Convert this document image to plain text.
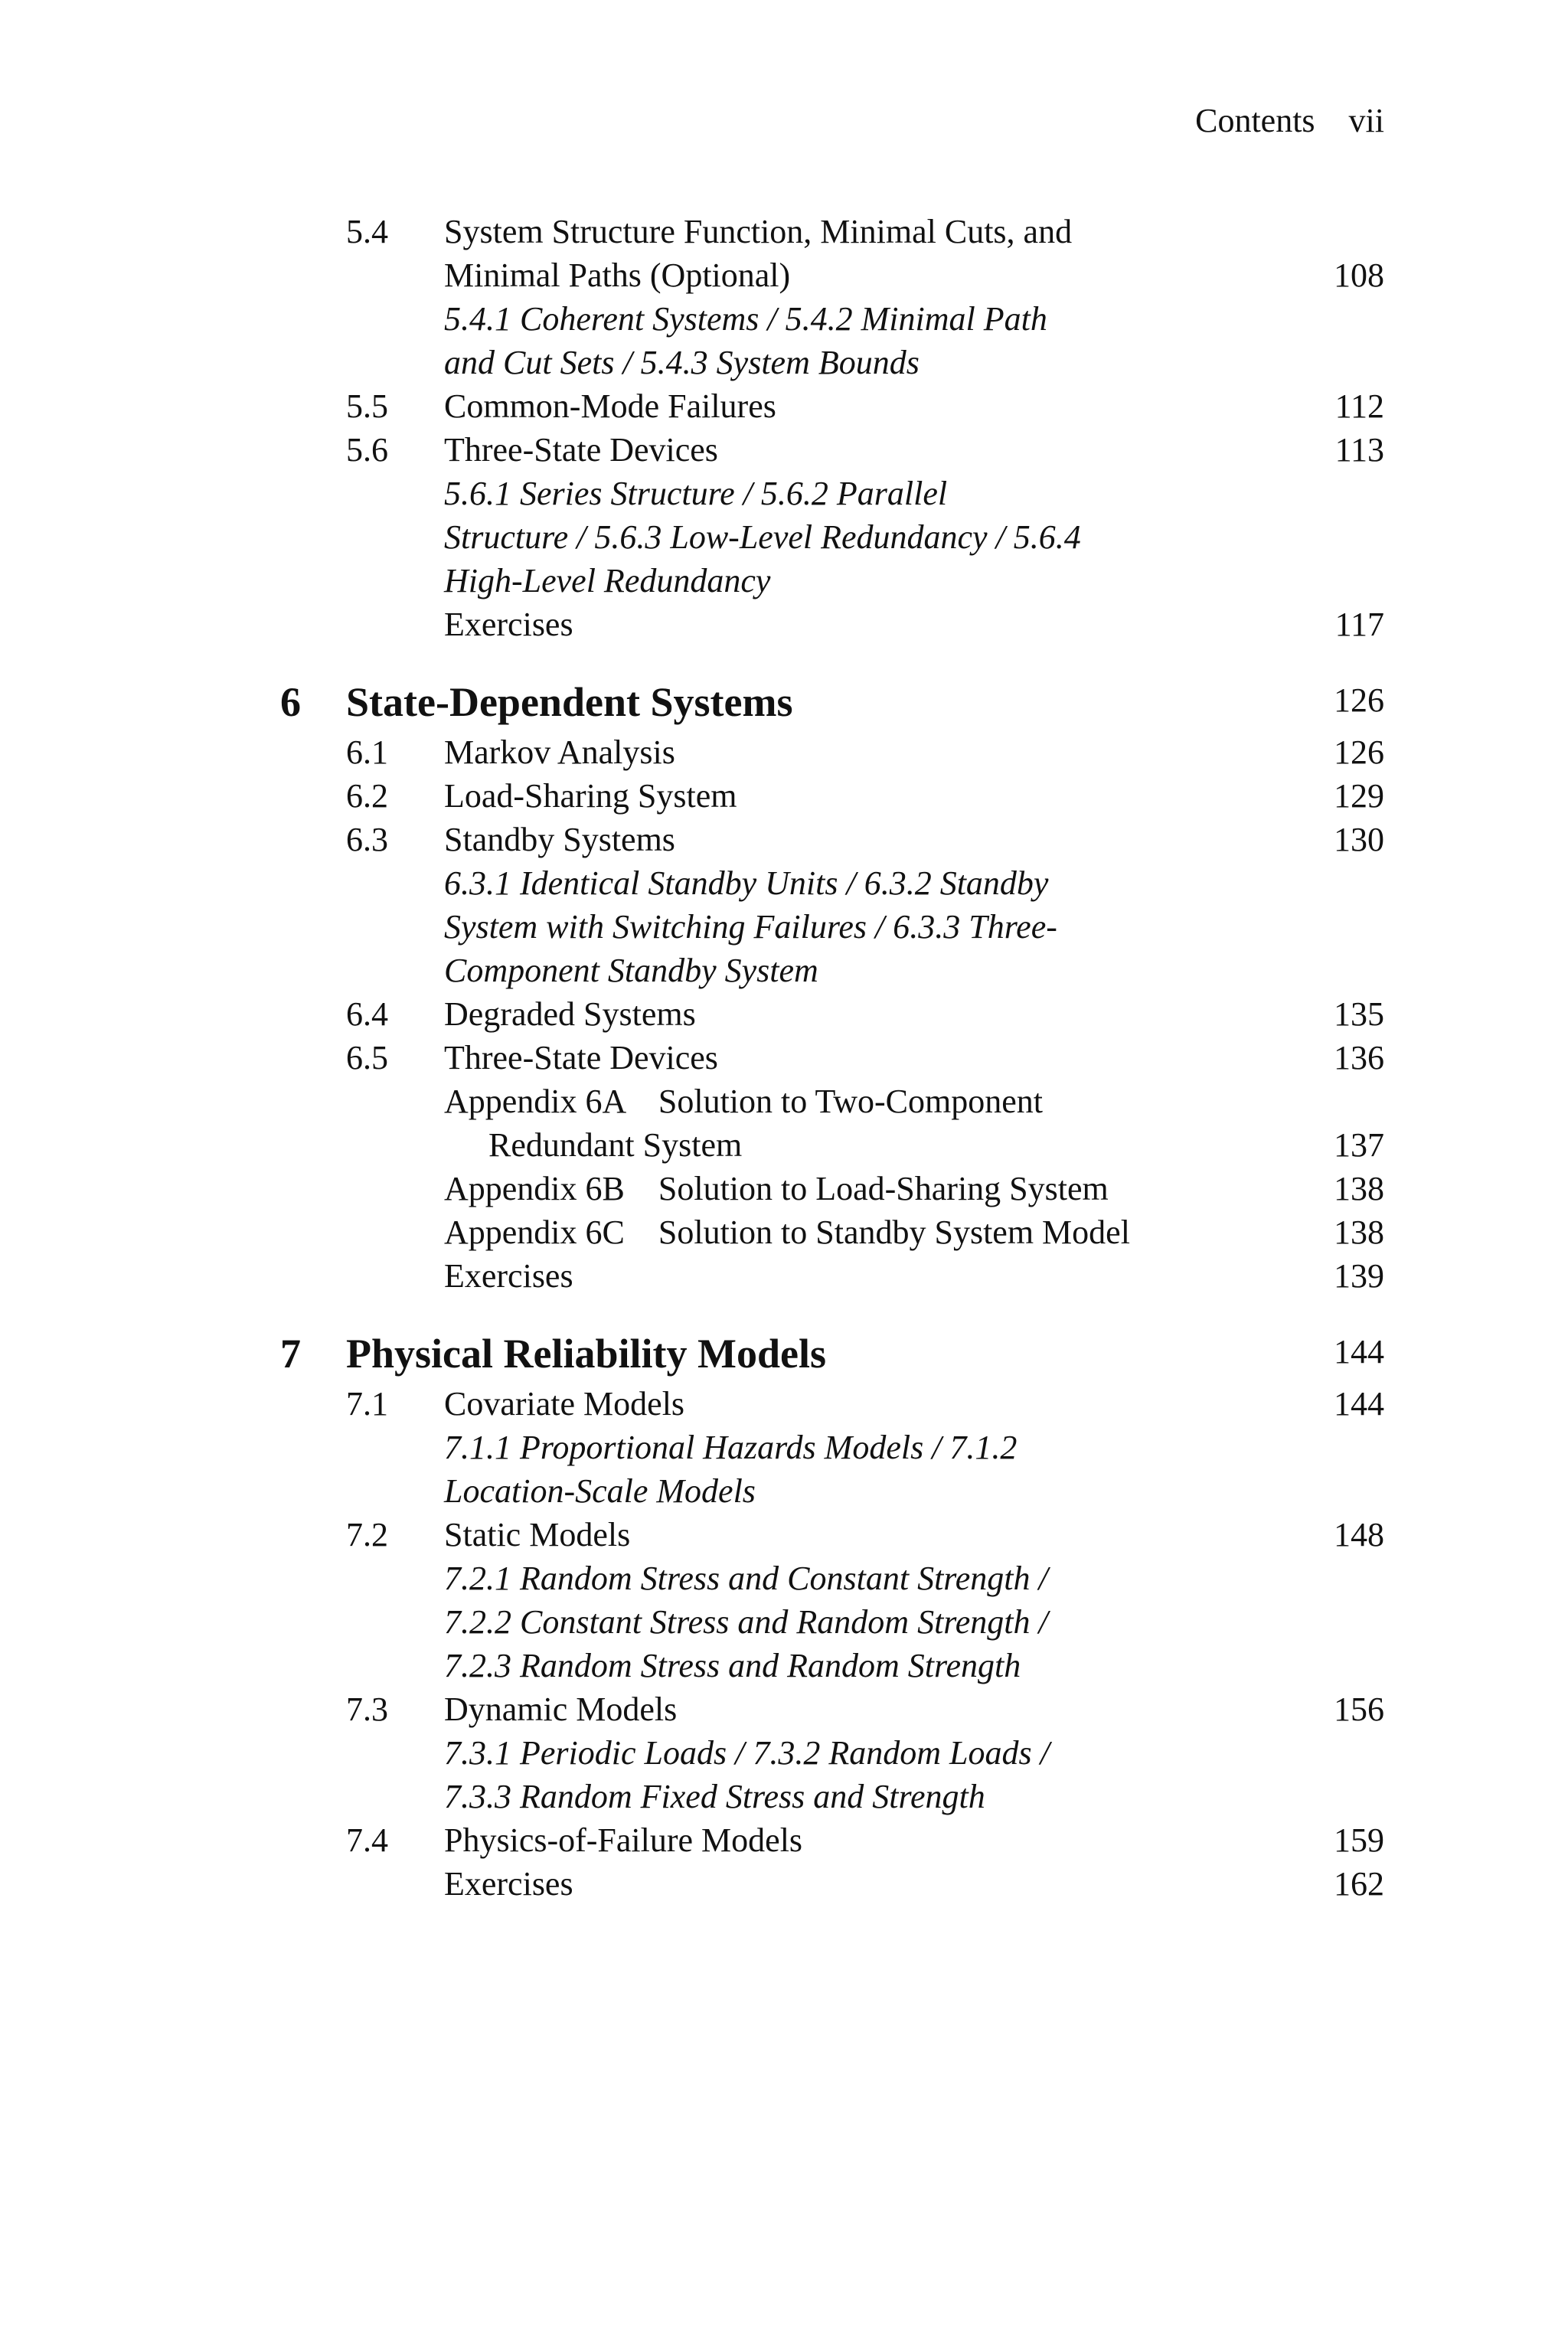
Contents vii
5.4 System Structure Function, Minimal Cuts, and
Minimal Paths (Optional)	108
5.4.1 Coherent Systems / 5.4.2 Minimal Path
and Cut Sets / 5.4.3 System Bounds
5.5 Common-Mode Failures	112
5.6 Three-State Devices	113
5.6.1 Series Structure / 5.6.2 Parallel
Structure / 5.6.3 Low-Level Redundancy / 5.6.4
High-Level Redundancy
Exercises	117
6 State-Dependent Systems	126
6.1 Markov Analysis	126
6.2 Load-Sharing System	129
6.3 Standby Systems	130
6.3.1 Identical Standby Units / 6.3.2 Standby
System with Switching Failures / 6.3.3 Three-
Component Standby System
6.4 Degraded Systems	135
6.5 Three-State Devices	136
Appendix 6A    Solution to Two-Component
Redundant System	137
Appendix 6B    Solution to Load-Sharing System	138
Appendix 6C    Solution to Standby System Model	138
Exercises	139
7 Physical Reliability Models	144
7.1 Covariate Models	144
7.1.1 Proportional Hazards Models / 7.1.2
Location-Scale Models
7.2 Static Models	148
7.2.1 Random Stress and Constant Strength /
7.2.2 Constant Stress and Random Strength /
7.2.3 Random Stress and Random Strength
7.3 Dynamic Models	156
7.3.1 Periodic Loads / 7.3.2 Random Loads /
7.3.3 Random Fixed Stress and Strength
7.4 Physics-of-Failure Models	159
Exercises	162
